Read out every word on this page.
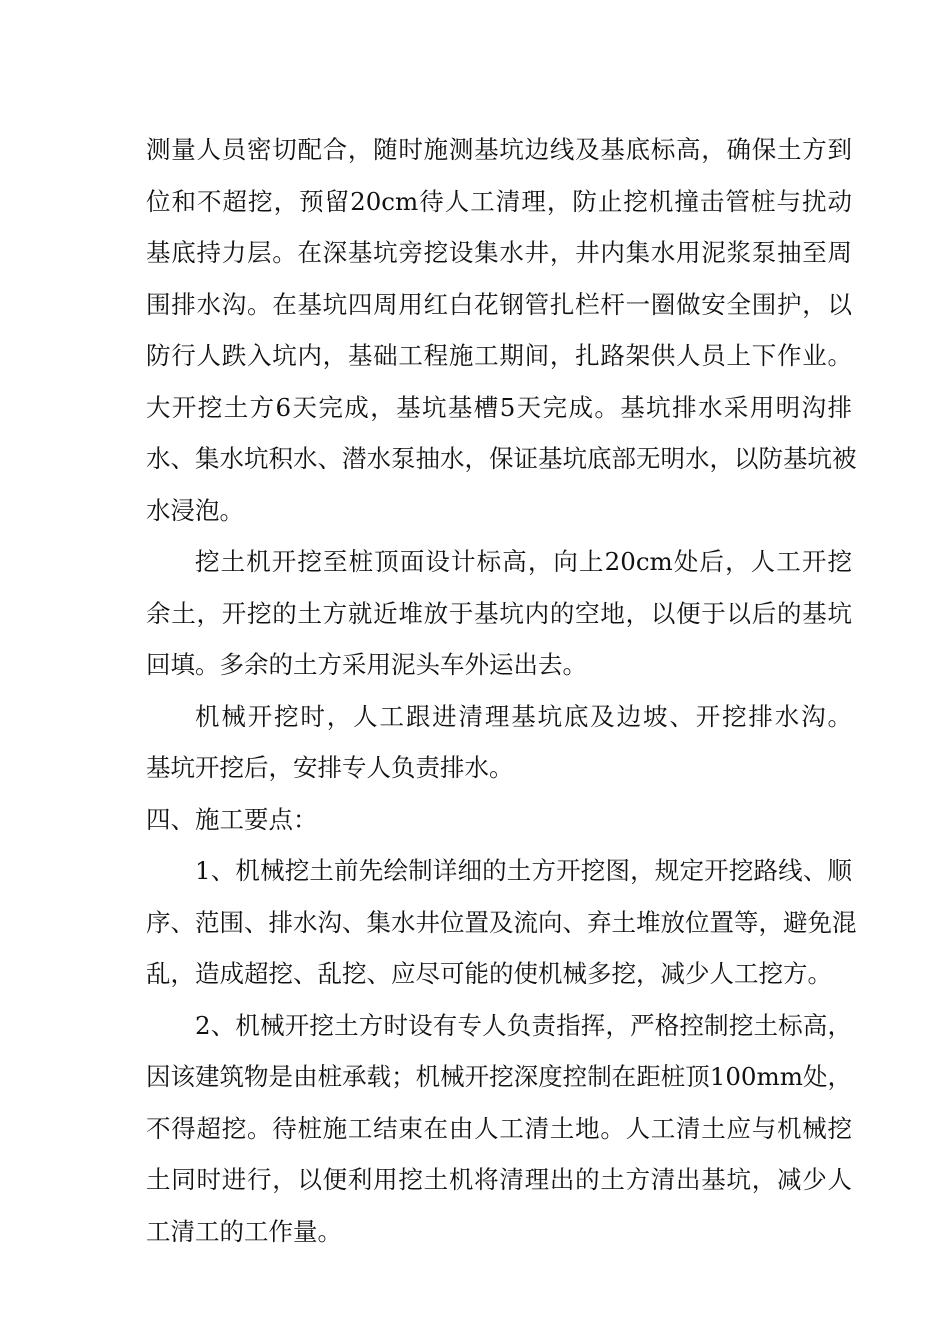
测量人员密切配合，随时施测基坑边线及基底标高，确保土方到
位和不超挖，预留20cm待人工清理，防止挖机撞击管桩与扰动
基底持力层。在深基坑旁挖设集水井，井内集水用泥浆泵抽至周
围排水沟。在基坑四周用红白花钢管扎栏杆一圈做安全围护，以
防行人跌入坑内，基础工程施工期间，扎路架供人员上下作业。
大开挖土方6天完成，基坑基槽5天完成。基坑排水采用明沟排
水、集水坑积水、潜水泵抽水，保证基坑底部无明水，以防基坑被
水浸泡。
挖土机开挖至桩顶面设计标高，向上20cm处后，人工开挖
余土，开挖的土方就近堆放于基坑内的空地，以便于以后的基坑
回填。多余的土方采用泥头车外运出去。
机械开挖时，人工跟进清理基坑底及边坡、开挖排水沟。
基坑开挖后，安排专人负责排水。
四、施工要点：
1、机械挖土前先绘制详细的土方开挖图，规定开挖路线、顺
序、范围、排水沟、集水井位置及流向、弃土堆放位置等，避免混
乱，造成超挖、乱挖、应尽可能的使机械多挖，减少人工挖方。
2、机械开挖土方时设有专人负责指挥，严格控制挖土标高，
因该建筑物是由桩承载；机械开挖深度控制在距桩顶100mm处，
不得超挖。待桩施工结束在由人工清土地。人工清土应与机械挖
土同时进行，以便利用挖土机将清理出的土方清出基坑，减少人
工清工的工作量。
